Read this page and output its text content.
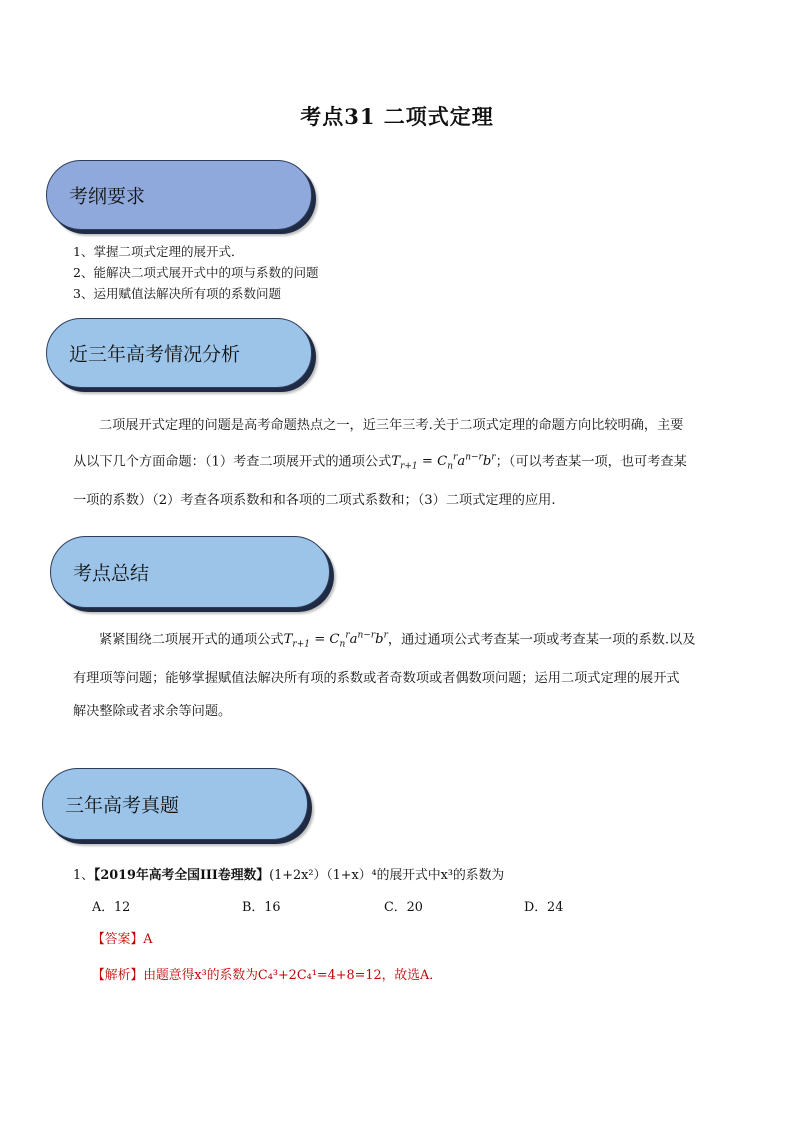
考点31 二项式定理
考纲要求
1、掌握二项式定理的展开式．
2、能解决二项式展开式中的项与系数的问题
3、运用赋值法解决所有项的系数问题
近三年高考情况分析
二项展开式定理的问题是高考命题热点之一，近三年三考.关于二项式定理的命题方向比较明确，主要
从以下几个方面命题：（1）考查二项展开式的通项公式$T_{r+1} = C_n^ra^{n-r}b^r$；（可以考查某一项，也可考查某
一项的系数）（2）考查各项系数和和各项的二项式系数和；（3）二项式定理的应用.
考点总结
紧紧围绕二项展开式的通项公式$T_{r+1} = C_n^ra^{n-r}b^r$，通过通项公式考查某一项或考查某一项的系数.以及
有理项等问题；能够掌握赋值法解决所有项的系数或者奇数项或者偶数项问题；运用二项式定理的展开式
解决整除或者求余等问题。
三年高考真题
1、【2019年高考全国III卷理数】(1+2x²）（1+x）⁴的展开式中x³的系数为
A．12	B．16	C．20	D．24
【答案】A
【解析】由题意得x³的系数为C₄³+2C₄¹=4+8=12，故选A．
